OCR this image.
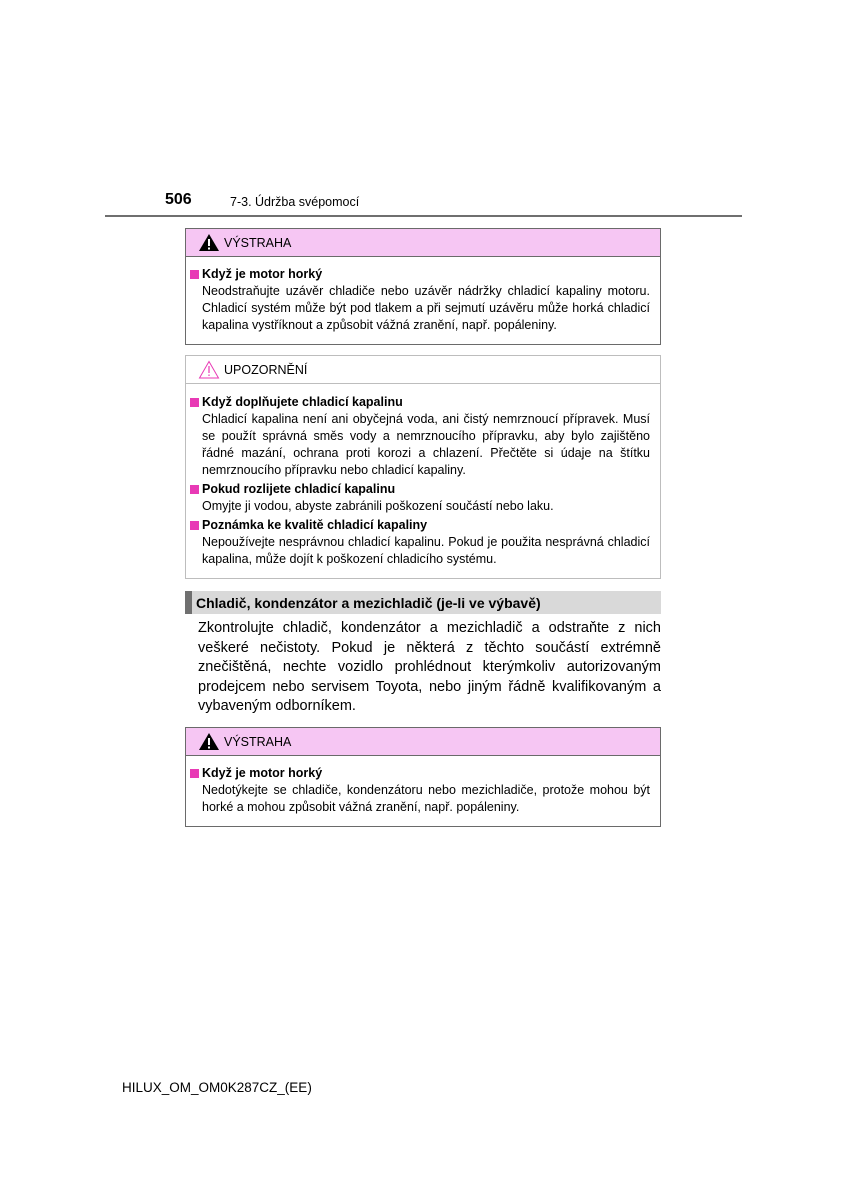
506	7-3. Údržba svépomocí
VÝSTRAHA
Když je motor horký
Neodstraňujte uzávěr chladiče nebo uzávěr nádržky chladicí kapaliny motoru. Chladicí systém může být pod tlakem a při sejmutí uzávěru může horká chladicí kapalina vystříknout a způsobit vážná zranění, např. popáleniny.
UPOZORNĚNÍ
Když doplňujete chladicí kapalinu
Chladicí kapalina není ani obyčejná voda, ani čistý nemrznoucí přípravek. Musí se použít správná směs vody a nemrznoucího přípravku, aby bylo zajištěno řádné mazání, ochrana proti korozi a chlazení. Přečtěte si údaje na štítku nemrznoucího přípravku nebo chladicí kapaliny.
Pokud rozlijete chladicí kapalinu
Omyjte ji vodou, abyste zabránili poškození součástí nebo laku.
Poznámka ke kvalitě chladicí kapaliny
Nepoužívejte nesprávnou chladicí kapalinu. Pokud je použita nesprávná chladicí kapalina, může dojít k poškození chladicího systému.
Chladič, kondenzátor a mezichladič (je-li ve výbavě)
Zkontrolujte chladič, kondenzátor a mezichladič a odstraňte z nich veškeré nečistoty. Pokud je některá z těchto součástí extrémně znečištěná, nechte vozidlo prohlédnout kterýmkoliv autorizovaným prodejcem nebo servisem Toyota, nebo jiným řádně kvalifikovaným a vybaveným odborníkem.
VÝSTRAHA
Když je motor horký
Nedotýkejte se chladiče, kondenzátoru nebo mezichladiče, protože mohou být horké a mohou způsobit vážná zranění, např. popáleniny.
HILUX_OM_OM0K287CZ_(EE)
